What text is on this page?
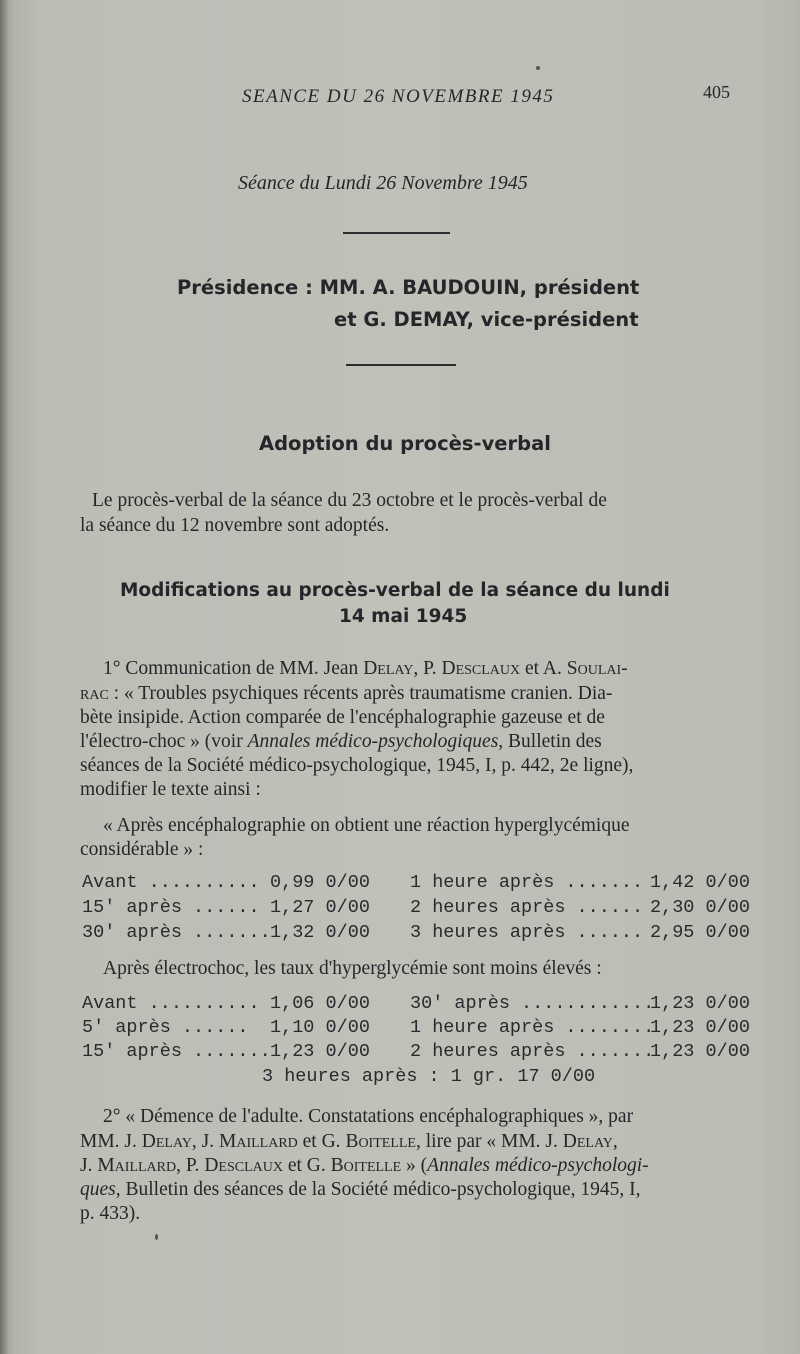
SEANCE DU 26 NOVEMBRE 1945	405
Séance du Lundi 26 Novembre 1945
Présidence : MM. A. BAUDOUIN, président
et G. DEMAY, vice-président
Adoption du procès-verbal
Le procès-verbal de la séance du 23 octobre et le procès-verbal de
la séance du 12 novembre sont adoptés.
Modifications au procès-verbal de la séance du lundi
14 mai 1945
1° Communication de MM. Jean Delay, P. Desclaux et A. Soulai-
rac : « Troubles psychiques récents après traumatisme cranien. Dia-
bète insipide. Action comparée de l'encéphalographie gazeuse et de
l'électro-choc » (voir Annales médico-psychologiques, Bulletin des
séances de la Société médico-psychologique, 1945, I, p. 442, 2e ligne),
modifier le texte ainsi :
« Après encéphalographie on obtient une réaction hyperglycémique
considérable » :
Avant .......... 0,99 0/00 1 heure après ....... 1,42 0/00
15' après ...... 1,27 0/00 2 heures après ...... 2,30 0/00
30' après ....... 1,32 0/00 3 heures après ...... 2,95 0/00
Après électrochoc, les taux d'hyperglycémie sont moins élevés :
Avant .......... 1,06 0/00 30' après ............
1,23 0/00
5' après ...... 1,10 0/00 1 heure après ........
1,23 0/00
15' après ....... 1,23 0/00 2 heures après .......
1,23 0/00
3 heures après : 1 gr. 17 0/00
2° « Démence de l'adulte. Constatations encéphalographiques », par
MM. J. Delay, J. Maillard et G. Boitelle, lire par « MM. J. Delay,
J. Maillard, P. Desclaux et G. Boitelle » (Annales médico-psychologi-
ques, Bulletin des séances de la Société médico-psychologique, 1945, I,
p. 433).
